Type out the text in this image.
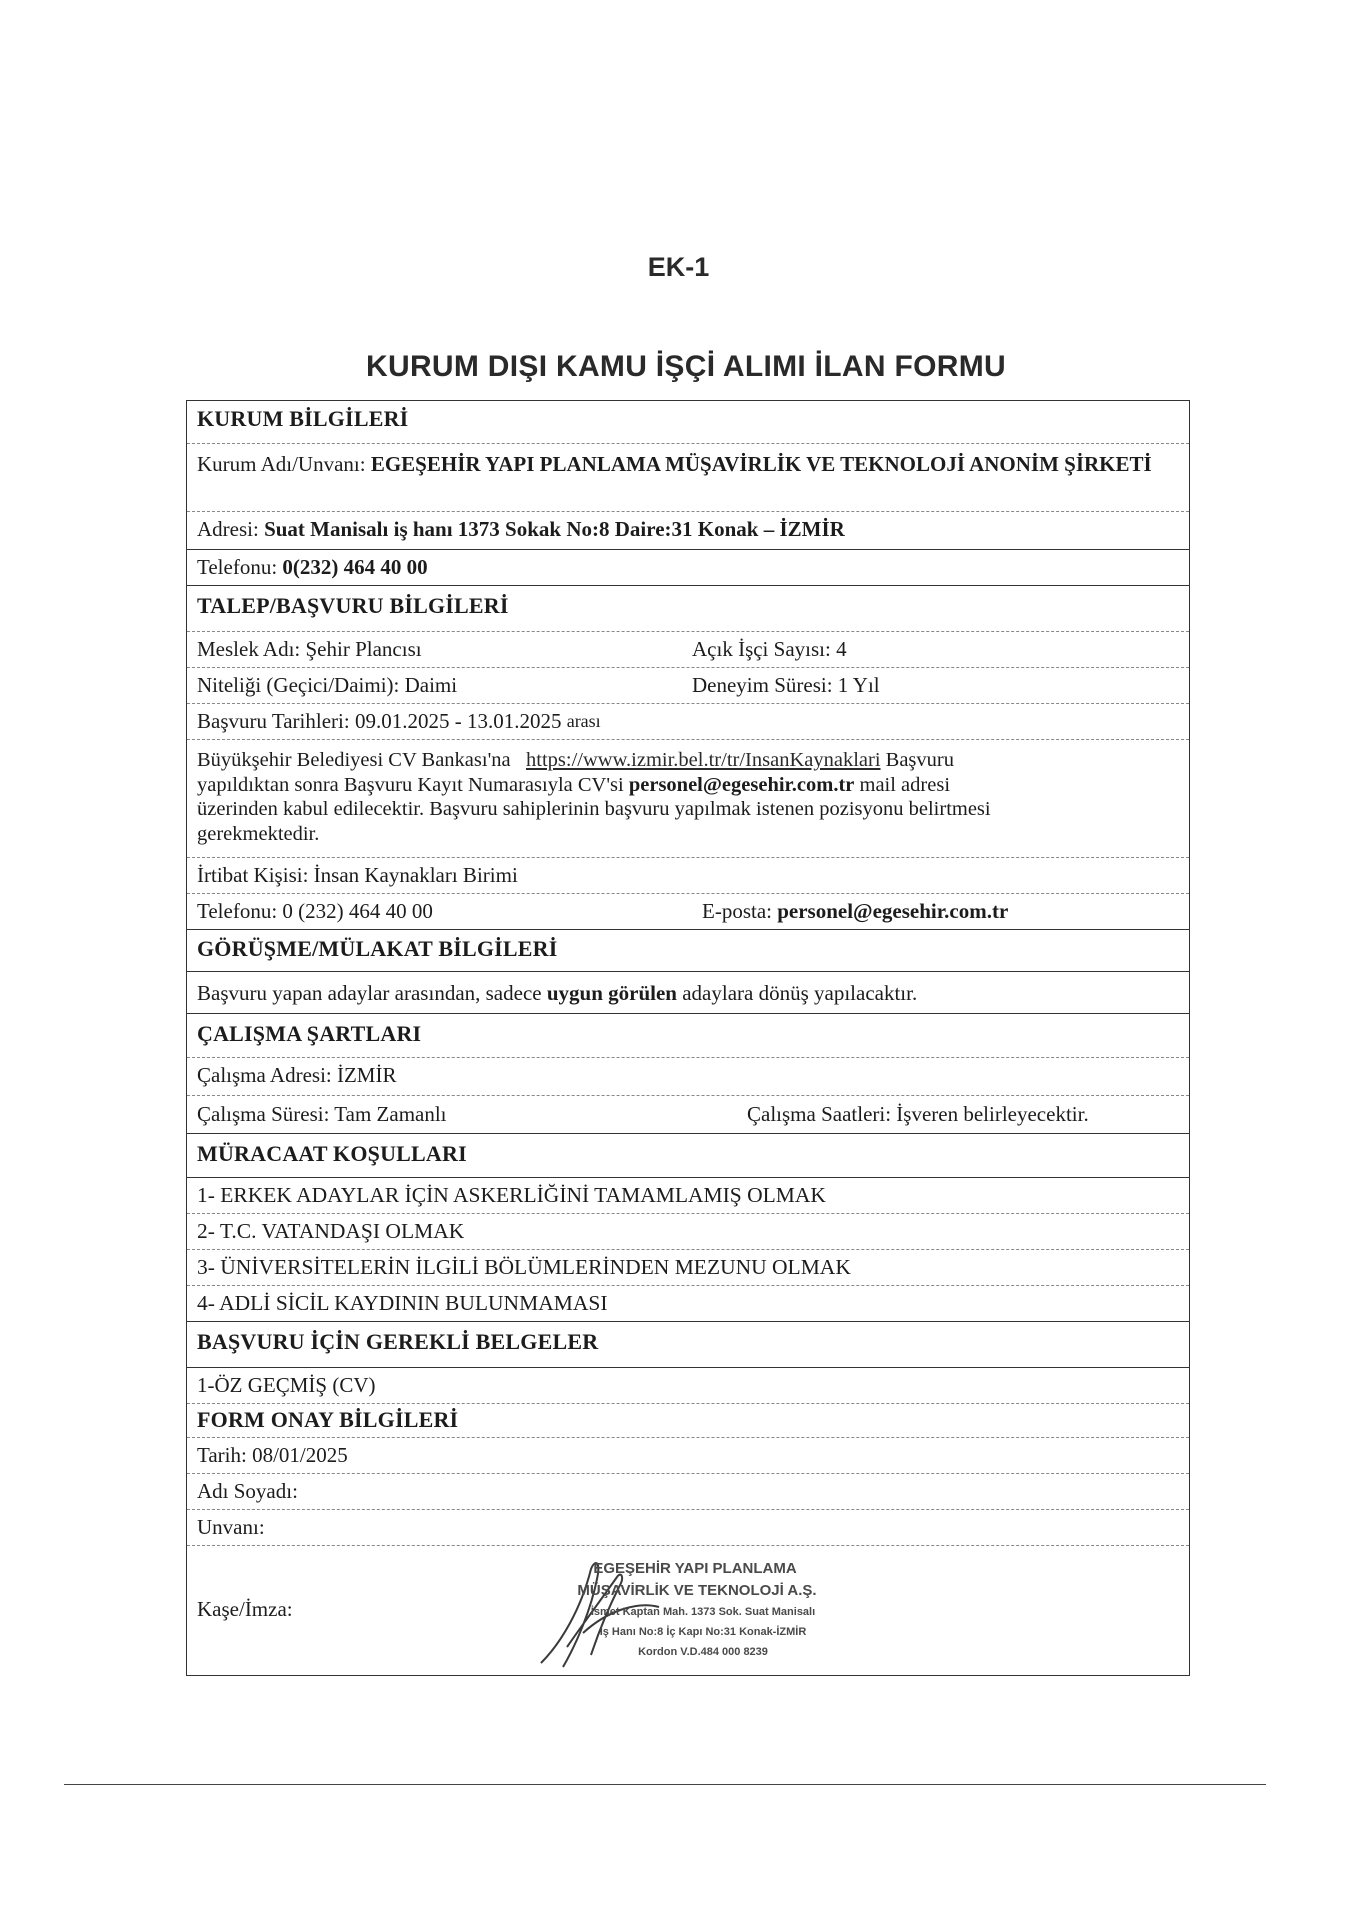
EK-1
KURUM DIŞI KAMU İŞÇİ ALIMI İLAN FORMU
KURUM BİLGİLERİ
Kurum Adı/Unvanı: EGEŞEHİR YAPI PLANLAMA MÜŞAVİRLİK VE TEKNOLOJİ ANONİM ŞİRKETİ
Adresi:
Suat Manisalı iş hanı 1373 Sokak No:8 Daire:31 Konak – İZMİR
Telefonu:
0(232) 464 40 00
TALEP/BAŞVURU BİLGİLERİ
Meslek Adı: Şehir Plancısı	Açık İşçi Sayısı: 4
Niteliği (Geçici/Daimi): Daimi	Deneyim Süresi: 1 Yıl
Başvuru Tarihleri:
09.01.2025 - 13.01.2025
arası
Büyükşehir Belediyesi CV Bankası'na https://www.izmir.bel.tr/tr/InsanKaynaklari Başvuru
yapıldıktan sonra Başvuru Kayıt Numarasıyla CV'si personel@egesehir.com.tr mail adresi
üzerinden kabul edilecektir. Başvuru sahiplerinin başvuru yapılmak istenen pozisyonu belirtmesi
gerekmektedir.
İrtibat Kişisi: İnsan Kaynakları Birimi
Telefonu: 0 (232) 464 40 00	E-posta: personel@egesehir.com.tr
GÖRÜŞME/MÜLAKAT BİLGİLERİ
Başvuru yapan adaylar arasından, sadece
uygun görülen
adaylara dönüş yapılacaktır.
ÇALIŞMA ŞARTLARI
Çalışma Adresi: İZMİR
Çalışma Süresi: Tam Zamanlı	Çalışma Saatleri: İşveren belirleyecektir.
MÜRACAAT KOŞULLARI
1- ERKEK ADAYLAR İÇİN ASKERLİĞİNİ TAMAMLAMIŞ OLMAK
2- T.C. VATANDAŞI OLMAK
3- ÜNİVERSİTELERİN İLGİLİ BÖLÜMLERİNDEN MEZUNU OLMAK
4- ADLİ SİCİL KAYDININ BULUNMAMASI
BAŞVURU İÇİN GEREKLİ BELGELER
1-ÖZ GEÇMİŞ (CV)
FORM ONAY BİLGİLERİ
Tarih: 08/01/2025
Adı Soyadı:
Unvanı:
Kaşe/İmza:
EGEŞEHİR YAPI PLANLAMA
MÜŞAVİRLİK VE TEKNOLOJİ A.Ş.
İsmet Kaptan Mah. 1373 Sok. Suat Manisalı
İş Hanı No:8 İç Kapı No:31 Konak-İZMİR
Kordon V.D.484 000 8239
